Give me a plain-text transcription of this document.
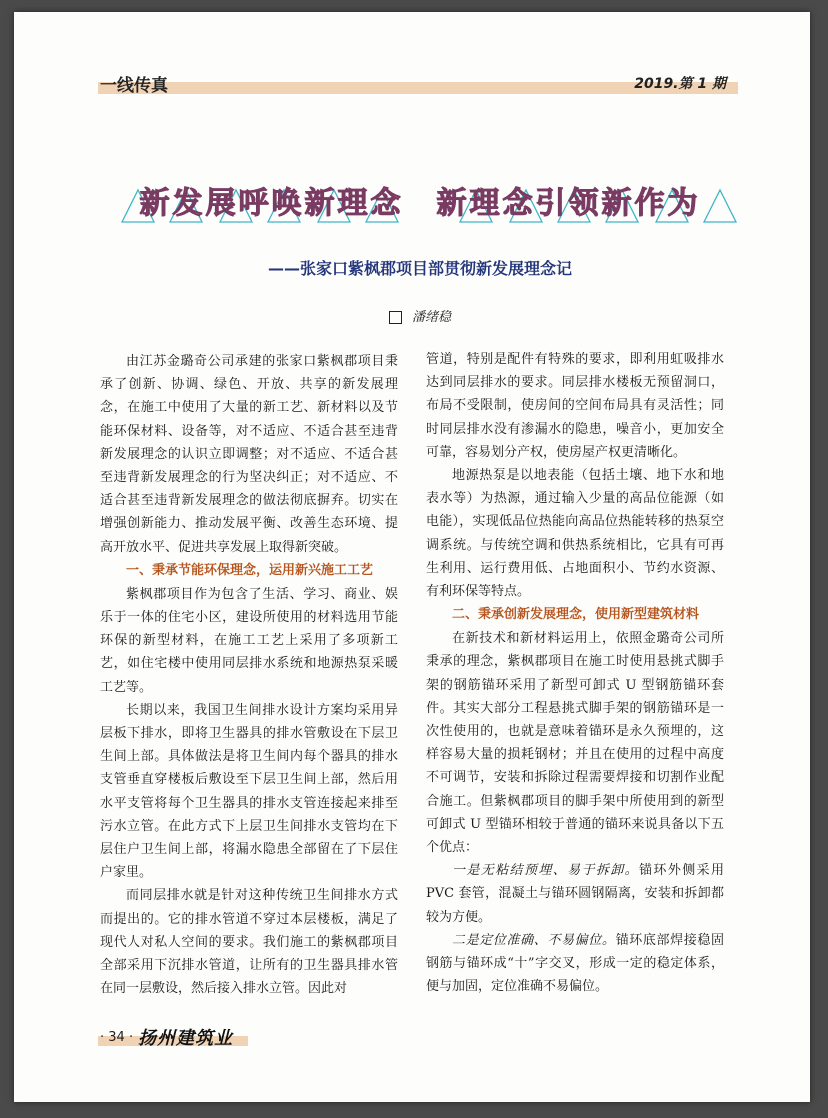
一线传真	2019.第 1 期
新发展呼唤新理念　新理念引领新作为
——张家口紫枫郡项目部贯彻新发展理念记
潘绪稳

由江苏金璐奇公司承建的张家口紫枫郡项目秉承了创新、协调、绿色、开放、共享的新发展理念，在施工中使用了大量的新工艺、新材料以及节能环保材料、设备等，对不适应、不适合甚至违背新发展理念的认识立即调整；对不适应、不适合甚至违背新发展理念的行为坚决纠正；对不适应、不适合甚至违背新发展理念的做法彻底摒弃。切实在增强创新能力、推动发展平衡、改善生态环境、提高开放水平、促进共享发展上取得新突破。

一、秉承节能环保理念，运用新兴施工工艺

紫枫郡项目作为包含了生活、学习、商业、娱乐于一体的住宅小区，建设所使用的材料选用节能环保的新型材料，在施工工艺上采用了多项新工艺，如住宅楼中使用同层排水系统和地源热泵采暖工艺等。

长期以来，我国卫生间排水设计方案均采用异层板下排水，即将卫生器具的排水管敷设在下层卫生间上部。具体做法是将卫生间内每个器具的排水支管垂直穿楼板后敷设至下层卫生间上部，然后用水平支管将每个卫生器具的排水支管连接起来排至污水立管。在此方式下上层卫生间排水支管均在下层住户卫生间上部，将漏水隐患全部留在了下层住户家里。

而同层排水就是针对这种传统卫生间排水方式而提出的。它的排水管道不穿过本层楼板，满足了现代人对私人空间的要求。我们施工的紫枫郡项目全部采用下沉排水管道，让所有的卫生器具排水管在同一层敷设，然后接入排水立管。因此对

管道，特别是配件有特殊的要求，即利用虹吸排水达到同层排水的要求。同层排水楼板无预留洞口，布局不受限制，使房间的空间布局具有灵活性；同时同层排水没有渗漏水的隐患，噪音小，更加安全可靠，容易划分产权，使房屋产权更清晰化。

地源热泵是以地表能（包括土壤、地下水和地表水等）为热源，通过输入少量的高品位能源（如电能），实现低品位热能向高品位热能转移的热泵空调系统。与传统空调和供热系统相比，它具有可再生利用、运行费用低、占地面积小、节约水资源、有利环保等特点。

二、秉承创新发展理念，使用新型建筑材料

在新技术和新材料运用上，依照金璐奇公司所秉承的理念，紫枫郡项目在施工时使用悬挑式脚手架的钢筋锚环采用了新型可卸式 U 型钢筋锚环套件。其实大部分工程悬挑式脚手架的钢筋锚环是一次性使用的，也就是意味着锚环是永久预埋的，这样容易大量的损耗钢材；并且在使用的过程中高度不可调节，安装和拆除过程需要焊接和切割作业配合施工。但紫枫郡项目的脚手架中所使用到的新型可卸式 U 型锚环相较于普通的锚环来说具备以下五个优点：

一是无粘结预埋、易于拆卸。锚环外侧采用 PVC 套管，混凝土与锚环圆钢隔离，安装和拆卸都较为方便。

二是定位准确、不易偏位。锚环底部焊接稳固钢筋与锚环成“十”字交叉，形成一定的稳定体系，便与加固，定位准确不易偏位。

· 34 · 扬州建筑业
